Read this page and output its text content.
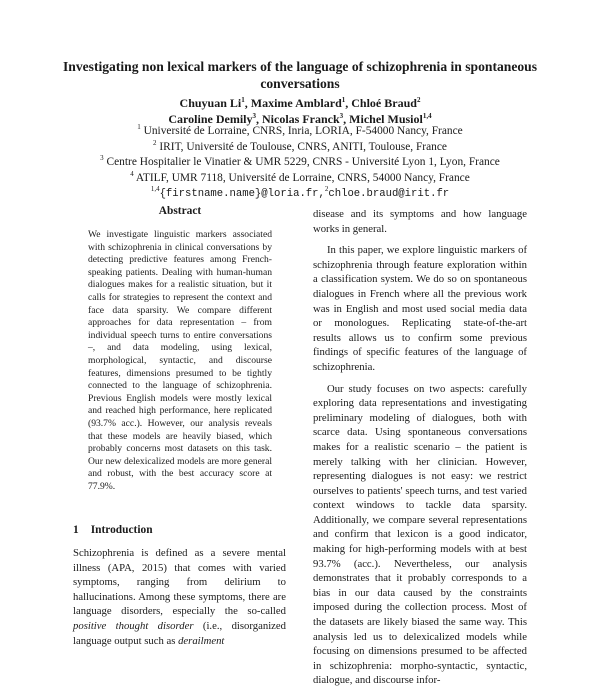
Investigating non lexical markers of the language of schizophrenia in spontaneous conversations
Chuyuan Li$^1$, Maxime Amblard$^1$, Chloé Braud$^2$
Caroline Demily$^3$, Nicolas Franck$^3$, Michel Musiol$^{1,4}$
$^1$ Université de Lorraine, CNRS, Inria, LORIA, F-54000 Nancy, France
$^2$ IRIT, Université de Toulouse, CNRS, ANITI, Toulouse, France
$^3$ Centre Hospitalier le Vinatier & UMR 5229, CNRS - Université Lyon 1, Lyon, France
$^4$ ATILF, UMR 7118, Université de Lorraine, CNRS, 54000 Nancy, France
$^{1,4}${firstname.name}@loria.fr,$^2$chloe.braud@irit.fr
Abstract

We investigate linguistic markers associated with schizophrenia in clinical conversations by detecting predictive features among French-speaking patients. Dealing with human-human dialogues makes for a realistic situation, but it calls for strategies to represent the context and face data sparsity. We compare different approaches for data representation – from individual speech turns to entire conversations –, and data modeling, using lexical, morphological, syntactic, and discourse features, dimensions presumed to be tightly connected to the language of schizophrenia. Previous English models were mostly lexical and reached high performance, here replicated (93.7% acc.). However, our analysis reveals that these models are heavily biased, which probably concerns most datasets on this task. Our new delexicalized models are more general and robust, with the best accuracy score at 77.9%.

1 Introduction

Schizophrenia is defined as a severe mental illness (APA, 2015) that comes with varied symptoms, ranging from delirium to hallucinations. Among these symptoms, there are language disorders, especially the so-called positive thought disorder (i.e., disorganized language output such as derailment

disease and its symptoms and how language works in general.

In this paper, we explore linguistic markers of schizophrenia through feature exploration within a classification system. We do so on spontaneous dialogues in French where all the previous work was in English and most used social media data or monologues. Replicating state-of-the-art results allows us to confirm some previous findings of specific features of the language of schizophrenia.

Our study focuses on two aspects: carefully exploring data representations and investigating preliminary modeling of dialogues, both with scarce data. Using spontaneous conversations makes for a realistic scenario – the patient is merely talking with her clinician. However, representing dialogues is not easy: we restrict ourselves to patients' speech turns, and test varied context windows to tackle data sparsity. Additionally, we compare several representations and confirm that lexicon is a good indicator, making for high-performing models with at best 93.7% (acc.). Nevertheless, our analysis demonstrates that it probably corresponds to a bias in our data caused by the constraints imposed during the collection process. Most of the datasets are likely biased the same way. This analysis led us to delexicalized models while focusing on dimensions presumed to be affected in schizophrenia: morpho-syntactic, syntactic, dialogue, and discourse infor-
